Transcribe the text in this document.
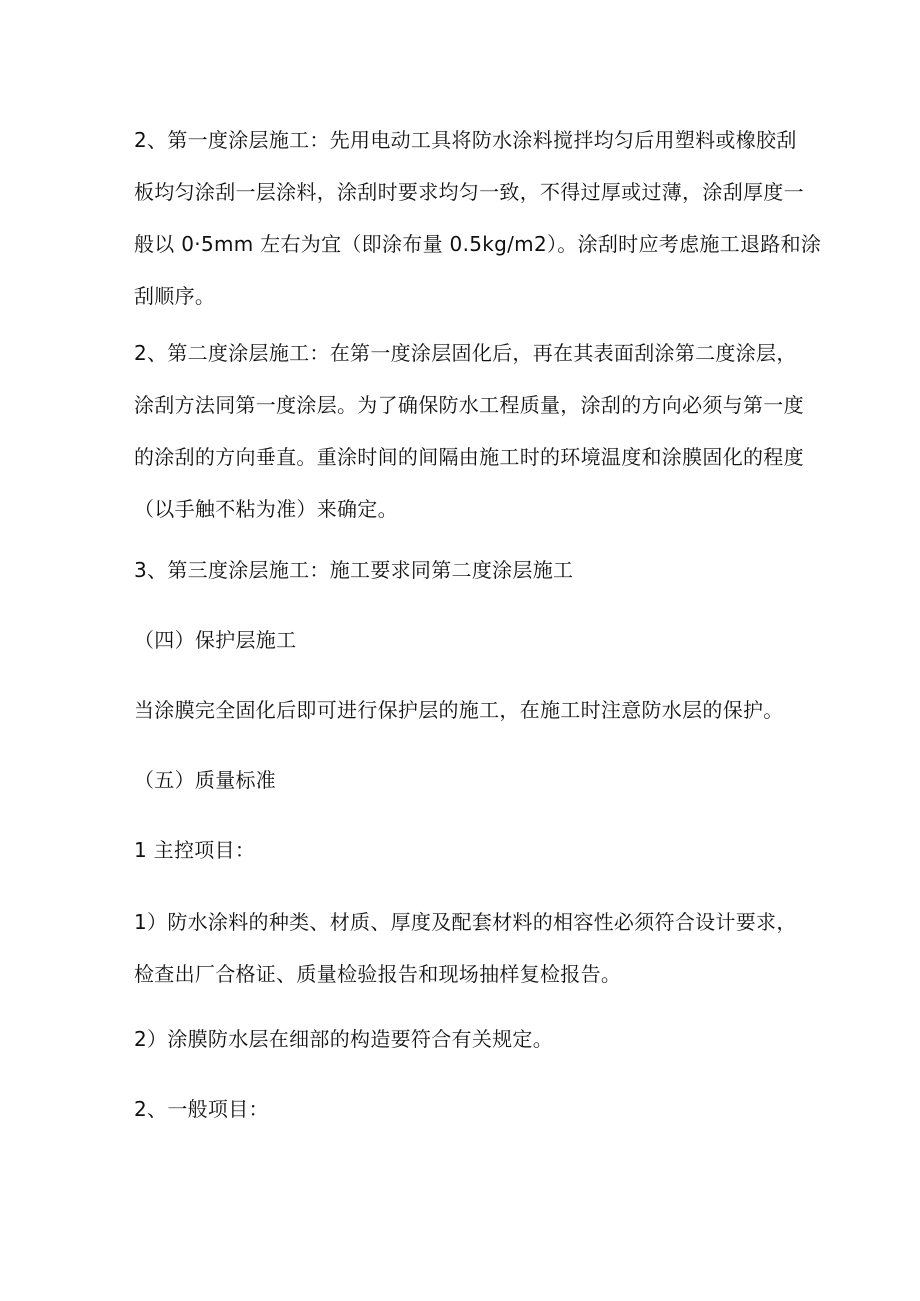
2、第一度涂层施工：先用电动工具将防水涂料搅拌均匀后用塑料或橡胶刮
板均匀涂刮一层涂料，涂刮时要求均匀一致，不得过厚或过薄，涂刮厚度一
般以 0·5mm 左右为宜（即涂布量 0.5kg/m2）。涂刮时应考虑施工退路和涂
刮顺序。

2、第二度涂层施工：在第一度涂层固化后，再在其表面刮涂第二度涂层，
涂刮方法同第一度涂层。为了确保防水工程质量，涂刮的方向必须与第一度
的涂刮的方向垂直。重涂时间的间隔由施工时的环境温度和涂膜固化的程度
（以手触不粘为准）来确定。

3、第三度涂层施工：施工要求同第二度涂层施工

（四）保护层施工

当涂膜完全固化后即可进行保护层的施工，在施工时注意防水层的保护。

（五）质量标准

1 主控项目：

1）防水涂料的种类、材质、厚度及配套材料的相容性必须符合设计要求，
检查出厂合格证、质量检验报告和现场抽样复检报告。

2）涂膜防水层在细部的构造要符合有关规定。

2、一般项目：
